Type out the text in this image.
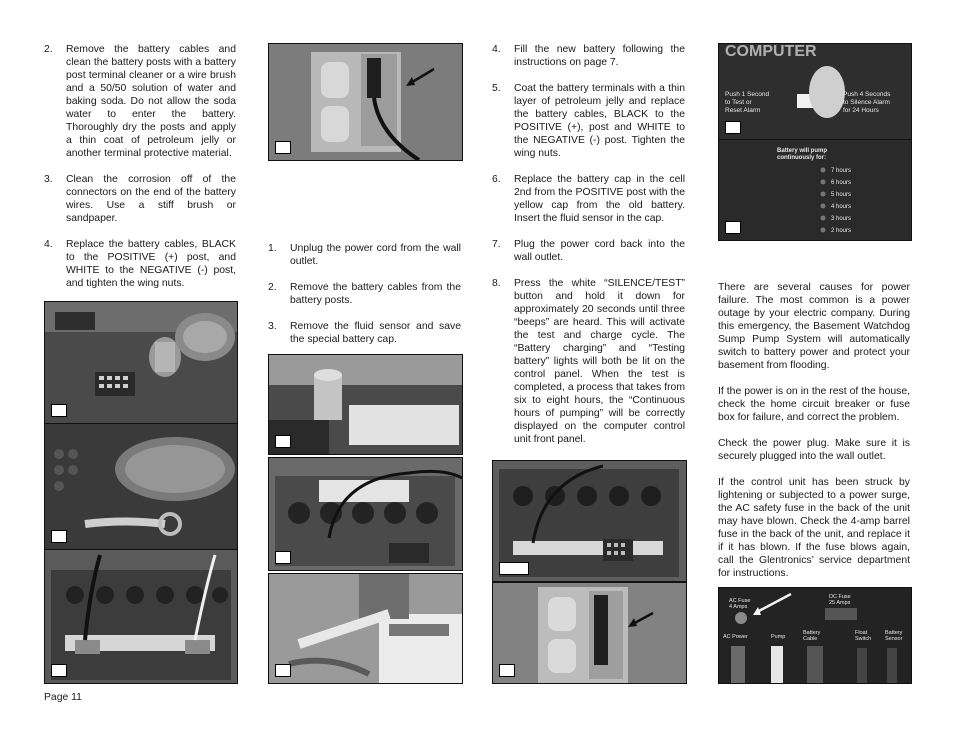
2.	Remove the battery cables and clean the battery posts with a battery post terminal cleaner or a wire brush and a 50/50 solution of water and baking soda. Do not allow the soda water to enter the battery. Thoroughly dry the posts and apply a thin coat of petroleum jelly or another terminal protective material.
3.	Clean the corrosion off of the connectors on the end of the battery wires. Use a stiff brush or sandpaper.
4.	Replace the battery cables, BLACK to the POSITIVE (+) post, and WHITE to the NEGATIVE (-) post, and tighten the wing nuts.
1.	Unplug the power cord from the wall outlet.
2.	Remove the battery cables from the battery posts.
3.	Remove the fluid sensor and save the special battery cap.
4.	Fill the new battery following the instructions on page 7.
5.	Coat the battery terminals with a thin layer of petroleum jelly and replace the battery cables, BLACK to the POSITIVE (+), post and WHITE to the NEGATIVE (-) post. Tighten the wing nuts.
6.	Replace the battery cap in the cell 2nd from the POSITIVE post with the yellow cap from the old battery. Insert the fluid sensor in the cap.
7.	Plug the power cord back into the wall outlet.
8.	Press the white “SILENCE/TEST” button and hold it down for approximately 20 seconds until three “beeps” are heard. This will activate the test and charge cycle. The “Battery charging” and “Testing battery” lights will both be lit on the control panel. When the test is completed, a process that takes from six to eight hours, the “Continuous hours of pumping” will be correctly displayed on the computer control unit front panel.
There are several causes for power failure. The most common is a power outage by your electric company. During this emergency, the Basement Watchdog Sump Pump System will automatically switch to battery power and protect your basement from flooding.
If the power is on in the rest of the house, check the home circuit breaker or fuse box for failure, and correct the problem.
Check the power plug. Make sure it is securely plugged into the wall outlet.
If the control unit has been struck by lightening or subjected to a power surge, the AC safety fuse in the back of the unit may have blown. Check the 4-amp barrel fuse in the back of the unit, and replace it if it has blown. If the fuse blows again, call the Glentronics’ service department for instructions.
COMPUTER
Push 1 Second
to Test or
Reset Alarm
Push 4 Seconds
to Silence Alarm
for 24 Hours
Battery will pump
continuously for:
7 hours
6 hours
5 hours
4 hours
3 hours
2 hours
AC Fuse
4 Amps
DC Fuse
25 Amps
AC Power	Pump
Battery
Cable
Float
Switch
Battery
Sensor
Page 11
